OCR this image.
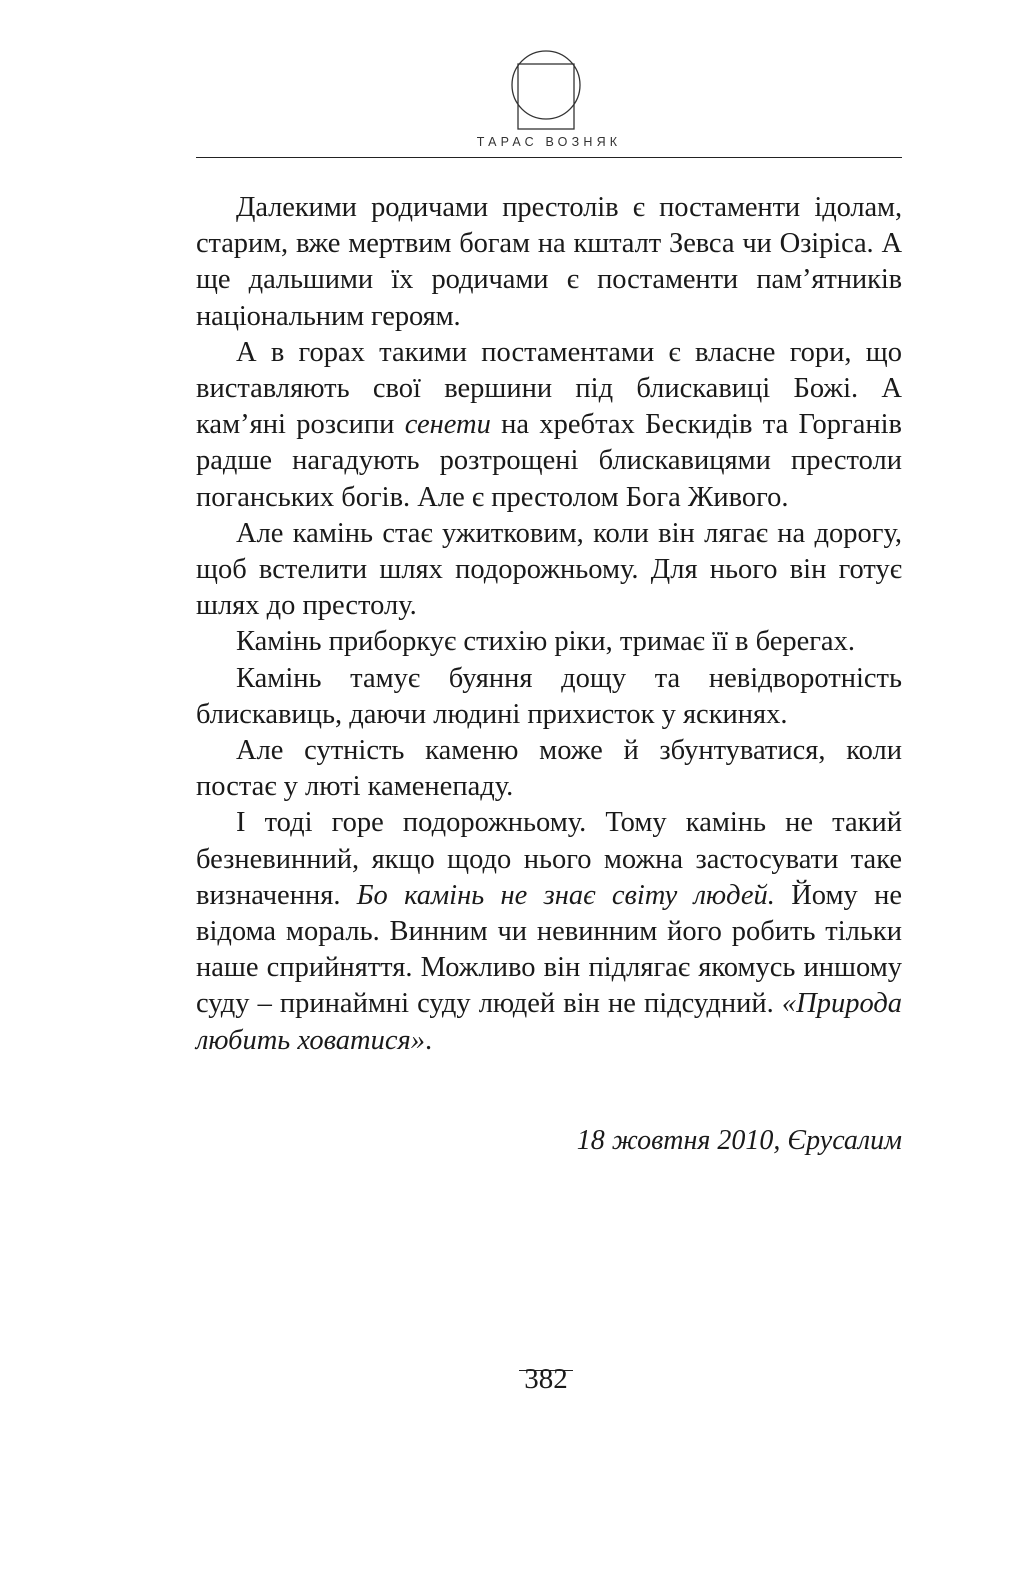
ТАРАС ВОЗНЯК

Далекими родичами престолів є постаменти ідолам, старим, вже мертвим богам на кшталт Зевса чи Озіріса. А ще дальшими їх родичами є постаменти пам’ятників національним героям.

А в горах такими постаментами є власне гори, що виставляють свої вершини під блискавиці Божі. А кам’яні розсипи сенети на хребтах Бескидів та Горганів радше нагадують розтрощені блискавицями престоли поганських богів. Але є престолом Бога Живого.

Але камінь стає ужитковим, коли він лягає на дорогу, щоб встелити шлях подорожньому. Для нього він готує шлях до престолу.

Камінь приборкує стихію ріки, тримає її в берегах.

Камінь тамує буяння дощу та невідворотність блискавиць, даючи людині прихисток у яскинях.

Але сутність каменю може й збунтуватися, коли постає у люті каменепаду.

І тоді горе подорожньому. Тому камінь не такий безневинний, якщо щодо нього можна застосувати таке визначення. Бо камінь не знає світу людей. Йому не відома мораль. Винним чи невинним його робить тільки наше сприйняття. Можливо він підлягає якомусь иншому суду – принаймні суду людей він не підсудний. «Природа любить ховатися».

18 жовтня 2010, Єрусалим
382
